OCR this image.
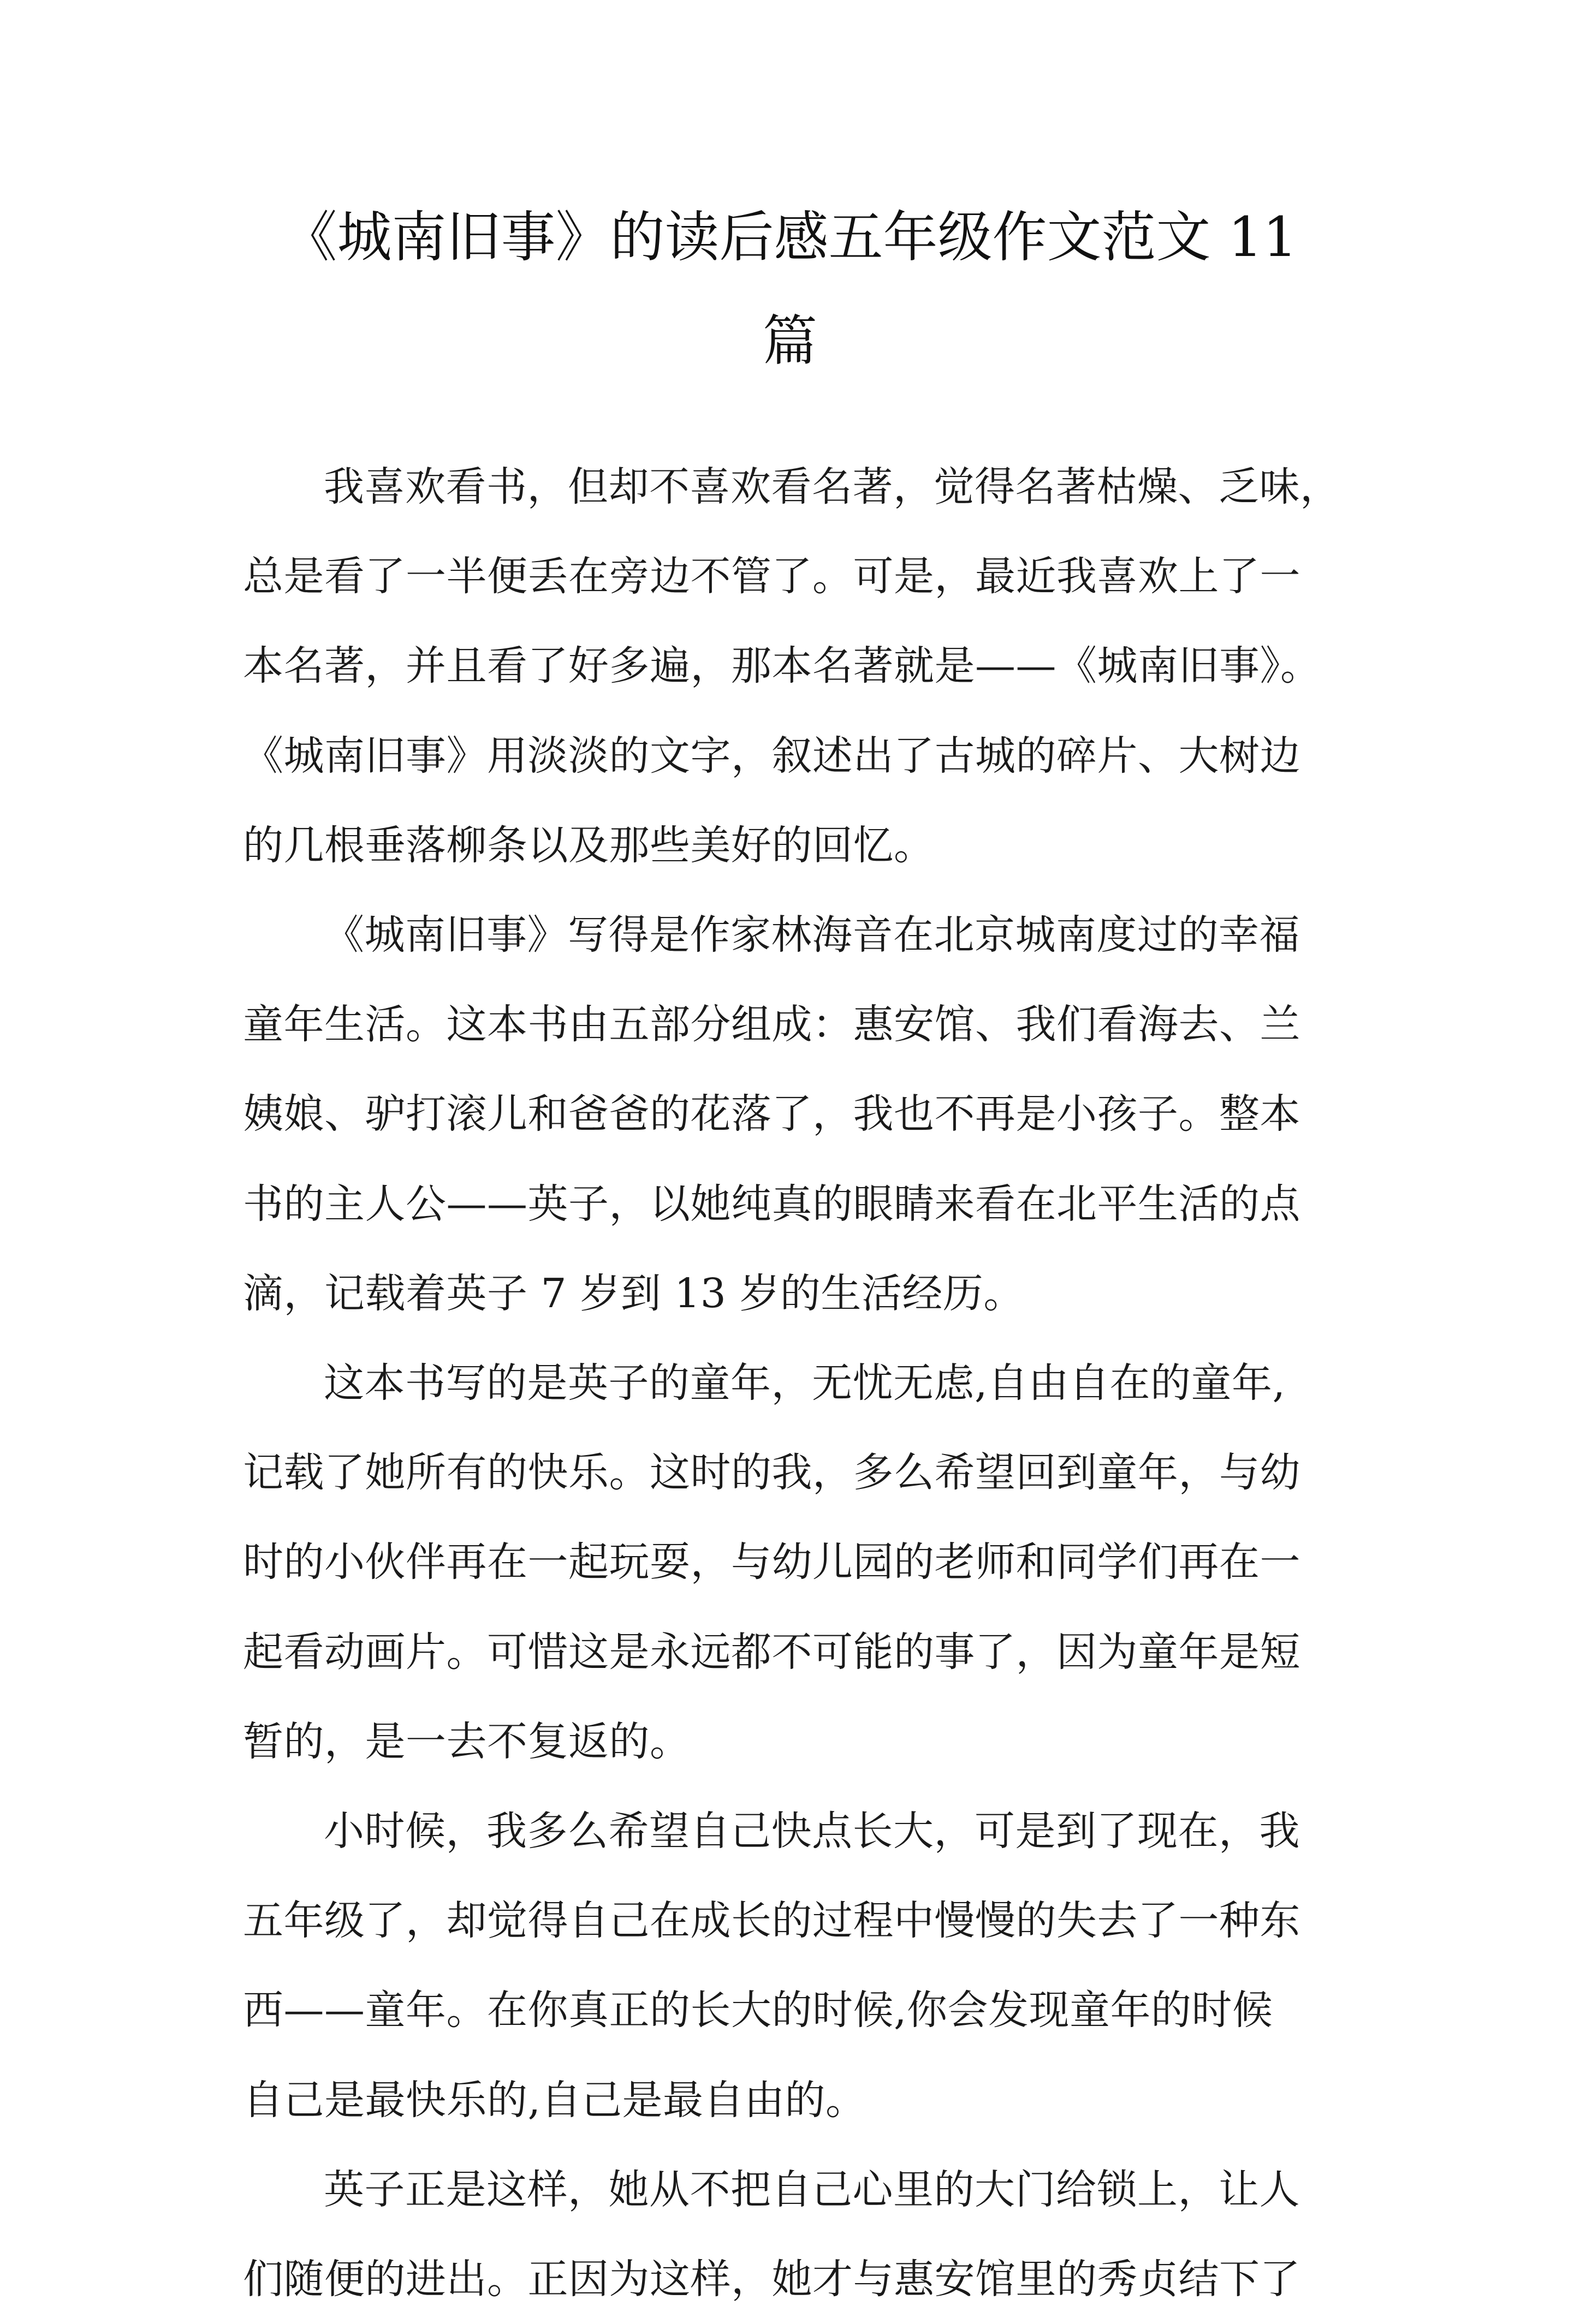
《城南旧事》的读后感五年级作文范文 11
篇
我喜欢看书，但却不喜欢看名著，觉得名著枯燥、乏味，
总是看了一半便丢在旁边不管了。可是，最近我喜欢上了一
本名著，并且看了好多遍，那本名著就是——《城南旧事》。
《城南旧事》用淡淡的文字，叙述出了古城的碎片、大树边
的几根垂落柳条以及那些美好的回忆。
《城南旧事》写得是作家林海音在北京城南度过的幸福
童年生活。这本书由五部分组成：惠安馆、我们看海去、兰
姨娘、驴打滚儿和爸爸的花落了，我也不再是小孩子。整本
书的主人公——英子，以她纯真的眼睛来看在北平生活的点
滴，记载着英子 7 岁到 13 岁的生活经历。
这本书写的是英子的童年，无忧无虑,自由自在的童年,
记载了她所有的快乐。这时的我，多么希望回到童年，与幼
时的小伙伴再在一起玩耍，与幼儿园的老师和同学们再在一
起看动画片。可惜这是永远都不可能的事了，因为童年是短
暂的，是一去不复返的。
小时候，我多么希望自己快点长大，可是到了现在，我
五年级了，却觉得自己在成长的过程中慢慢的失去了一种东
西——童年。在你真正的长大的时候,你会发现童年的时候
自己是最快乐的,自己是最自由的。
英子正是这样，她从不把自己心里的大门给锁上，让人
们随便的进出。正因为这样，她才与惠安馆里的秀贞结下了
